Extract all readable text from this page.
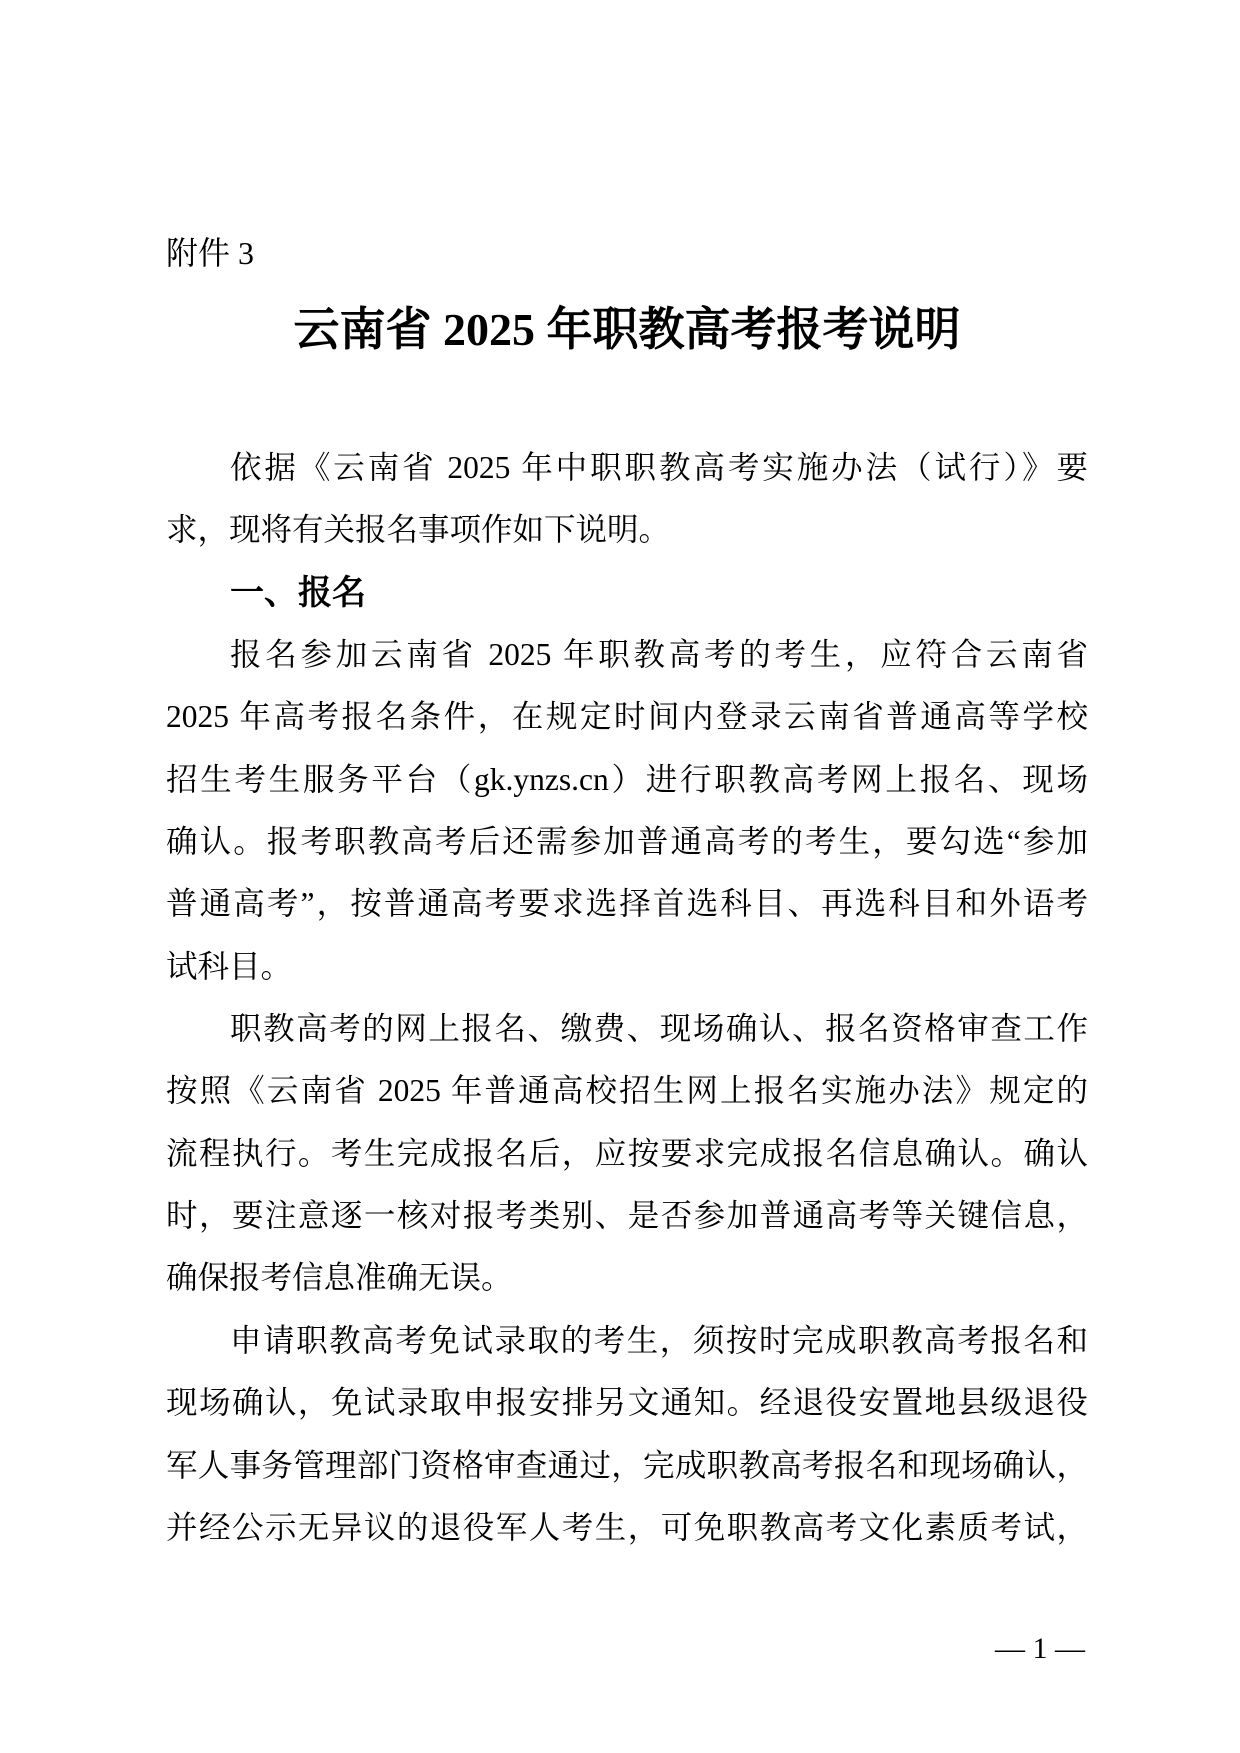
附件 3
云南省 2025 年职教高考报考说明
依据《云南省 2025 年中职职教高考实施办法（试行）》要
求，现将有关报名事项作如下说明。
一、报名
报名参加云南省 2025 年职教高考的考生，应符合云南省
2025 年高考报名条件，在规定时间内登录云南省普通高等学校
招生考生服务平台（gk.ynzs.cn）进行职教高考网上报名、现场
确认。报考职教高考后还需参加普通高考的考生，要勾选“参加
普通高考”，按普通高考要求选择首选科目、再选科目和外语考
试科目。
职教高考的网上报名、缴费、现场确认、报名资格审查工作
按照《云南省 2025 年普通高校招生网上报名实施办法》规定的
流程执行。考生完成报名后，应按要求完成报名信息确认。确认
时，要注意逐一核对报考类别、是否参加普通高考等关键信息，
确保报考信息准确无误。
申请职教高考免试录取的考生，须按时完成职教高考报名和
现场确认，免试录取申报安排另文通知。经退役安置地县级退役
军人事务管理部门资格审查通过，完成职教高考报名和现场确认，
并经公示无异议的退役军人考生，可免职教高考文化素质考试，
— 1 —
